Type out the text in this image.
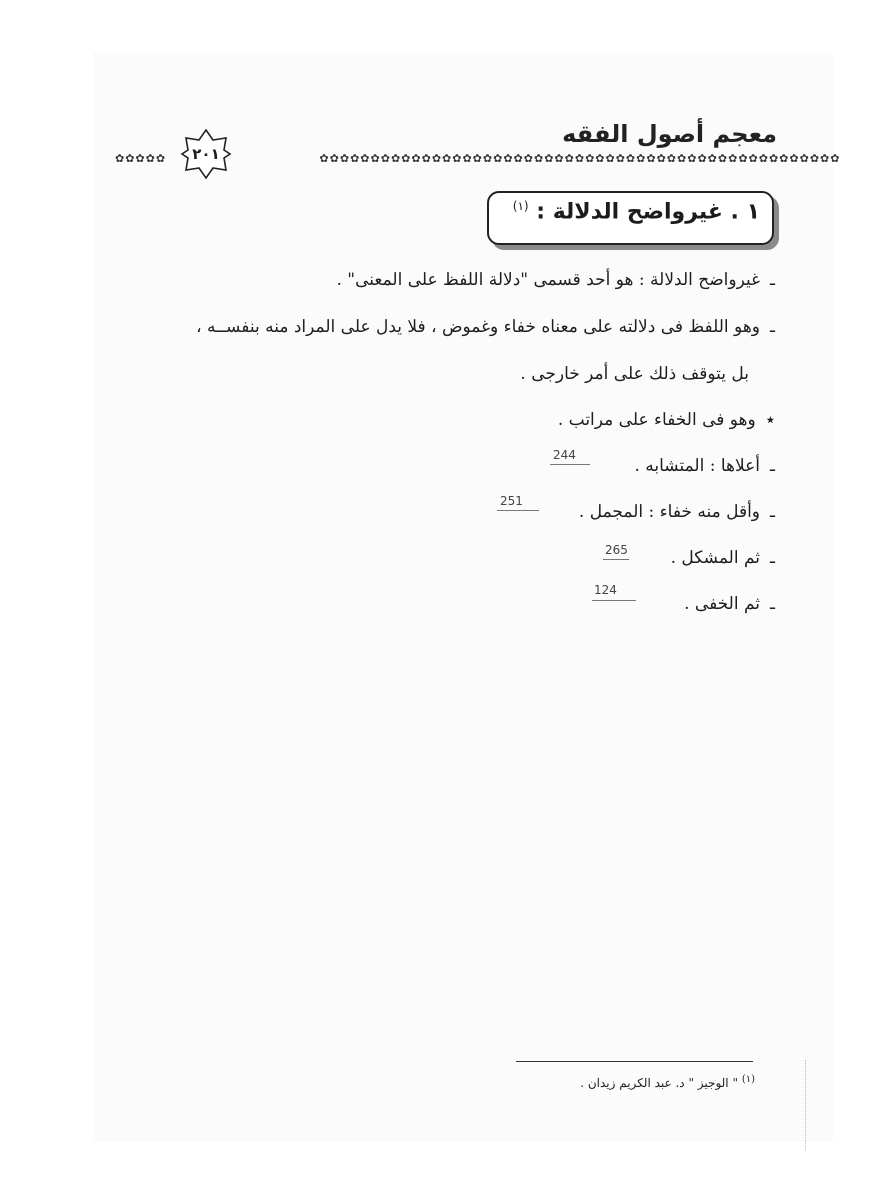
معجم أصول الفقه
✿✿✿✿✿	✿✿✿✿✿✿✿✿✿✿✿✿✿✿✿✿✿✿✿✿✿✿✿✿✿✿✿✿✿✿✿✿✿✿✿✿✿✿✿✿✿✿✿✿✿✿✿✿✿✿✿
٢٠١
١ . غيرواضح الدلالة : $^{(١)}$
ـغيرواضح الدلالة : هو أحد قسمى "دلالة اللفظ على المعنى" .
ـوهو اللفظ فى دلالته على معناه خفاء وغموض ، فلا يدل على المراد منه بنفســه ،
بل يتوقف ذلك على أمر خارجى .
٭وهو فى الخفاء على مراتب .
ـأعلاها : المتشابه .
ـوأقل منه خفاء : المجمل .
ـثم المشكل .
ـثم الخفى .
244
251
265
124
$^{(١)}$ " الوجيز " د. عبد الكريم زيدان .
